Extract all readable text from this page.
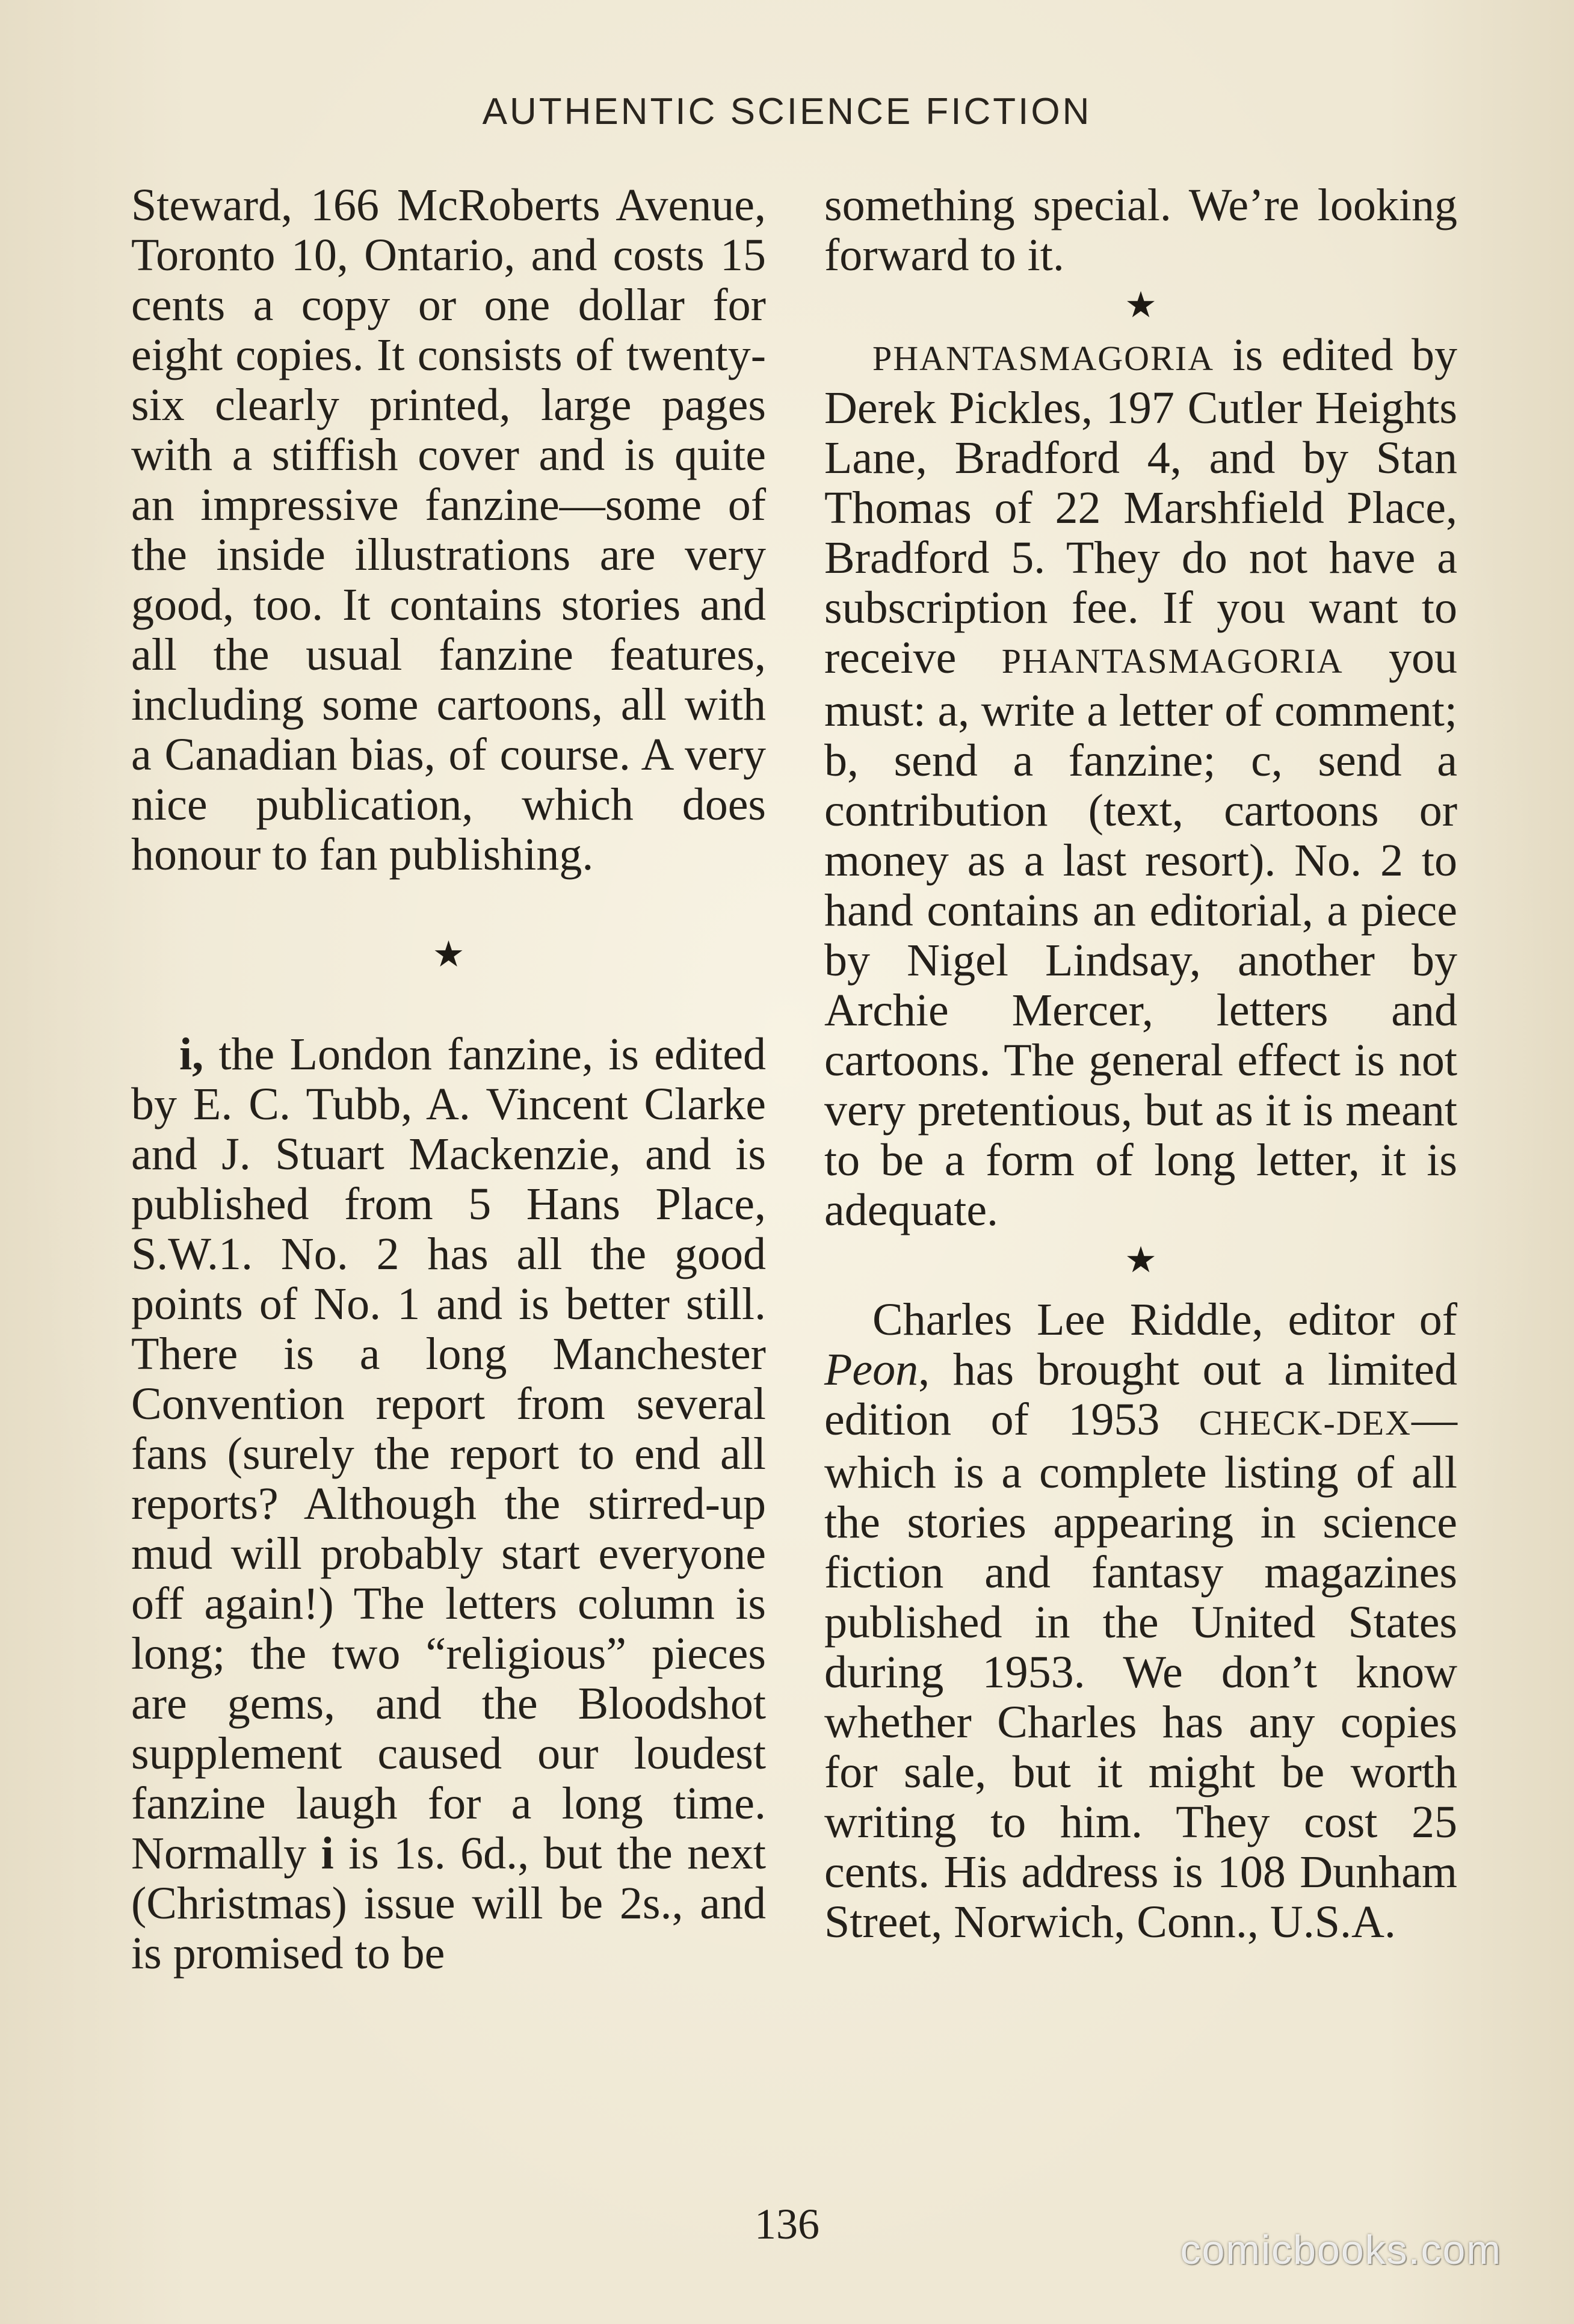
AUTHENTIC SCIENCE FICTION

Steward, 166 McRoberts Avenue, Toronto 10, Ontario, and costs 15 cents a copy or one dollar for eight copies. It consists of twenty-six clearly printed, large pages with a stiffish cover and is quite an impressive fanzine—some of the inside illustrations are very good, too. It contains stories and all the usual fanzine features, including some cartoons, all with a Canadian bias, of course. A very nice publication, which does honour to fan publishing.

★

i, the London fanzine, is edited by E. C. Tubb, A. Vincent Clarke and J. Stuart Mackenzie, and is published from 5 Hans Place, S.W.1. No. 2 has all the good points of No. 1 and is better still. There is a long Manchester Convention report from several fans (surely the report to end all reports? Although the stirred-up mud will probably start everyone off again!) The letters column is long; the two “religious” pieces are gems, and the Bloodshot supplement caused our loudest fanzine laugh for a long time. Normally i is 1s. 6d., but the next (Christmas) issue will be 2s., and is promised to be

something special. We’re looking forward to it.

★

PHANTASMAGORIA is edited by Derek Pickles, 197 Cutler Heights Lane, Bradford 4, and by Stan Thomas of 22 Marshfield Place, Bradford 5. They do not have a subscription fee. If you want to receive PHANTASMAGORIA you must: a, write a letter of comment; b, send a fanzine; c, send a contribution (text, cartoons or money as a last resort). No. 2 to hand contains an editorial, a piece by Nigel Lindsay, another by Archie Mercer, letters and cartoons. The general effect is not very pretentious, but as it is meant to be a form of long letter, it is adequate.

★

Charles Lee Riddle, editor of Peon, has brought out a limited edition of 1953 CHECK-DEX—which is a complete listing of all the stories appearing in science fiction and fantasy magazines published in the United States during 1953. We don’t know whether Charles has any copies for sale, but it might be worth writing to him. They cost 25 cents. His address is 108 Dunham Street, Norwich, Conn., U.S.A.

136
comicbooks.com
